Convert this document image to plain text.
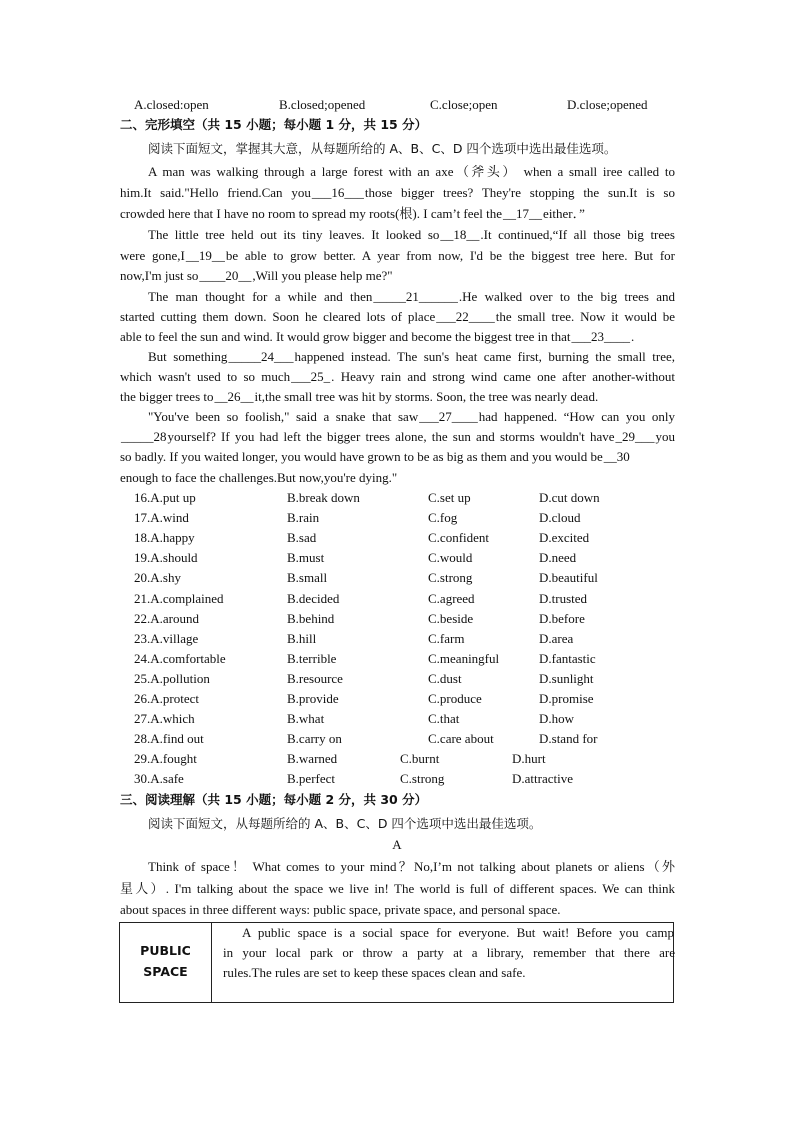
A.closed:open	B.closed;opened	C.close;open	D.close;opened
二、完形填空（共 15 小题；每小题 1 分，共 15 分）
阅读下面短文，掌握其大意，从每题所给的 A、B、C、D 四个选项中选出最佳选项。
A man was walking through a large forest with an axe（斧头） when a small iree called to
him.It said."Hello friend.Can you___16___those bigger trees? They're stopping the sun.It is so
crowded here that I have no room to spread my roots(根). I cam’t feel the__17__either．”
The little tree held out its tiny leaves. It looked so__18__.It continued,“If all those big trees
were gone,I__19__be able to grow better. A year from now, I'd be the biggest tree here. But for
now,I'm just so____20__,Will you please help me?"
The man thought for a while and then_____21______.He walked over to the big trees and
started cutting them down. Soon he cleared lots of place___22____the small tree. Now it would be
able to feel the sun and wind. It would grow bigger and become the biggest tree in that___23____.
But something_____24___happened instead. The sun's heat came first, burning the small tree,
which wasn't used to so much___25_. Heavy rain and strong wind came one after another-without
the bigger trees to__26__it,the small tree was hit by storms. Soon, the tree was nearly dead.
"You've been so foolish," said a snake that saw___27____had happened. “How can you only
_____28yourself? If you had left the bigger trees alone, the sun and storms wouldn't have_29___you
so badly. If you waited longer, you would have grown to be as big as them and you would be__30
enough to face the challenges.But now,you're dying."
16.A.put up	B.break down	C.set up	D.cut down
17.A.wind	B.rain	C.fog	D.cloud
18.A.happy	B.sad	C.confident	D.excited
19.A.should	B.must	C.would	D.need
20.A.shy	B.small	C.strong	D.beautiful
21.A.complained	B.decided	C.agreed	D.trusted
22.A.around	B.behind	C.beside	D.before
23.A.village	B.hill	C.farm	D.area
24.A.comfortable	B.terrible	C.meaningful	D.fantastic
25.A.pollution	B.resource	C.dust	D.sunlight
26.A.protect	B.provide	C.produce	D.promise
27.A.which	B.what	C.that	D.how
28.A.find out	B.carry on	C.care about	D.stand for
29.A.fought	B.warned	C.burnt	D.hurt
30.A.safe	B.perfect	C.strong	D.attractive
三、阅读理解（共 15 小题；每小题 2 分，共 30 分）
阅读下面短文，从每题所给的 A、B、C、D 四个选项中选出最佳选项。
A
Think of space！ What comes to your mind？No,I’m not talking about planets or aliens（外
星人）. I'm talking about the space we live in! The world is full of different spaces. We can think
about spaces in three different ways: public space, private space, and personal space.
PUBLIC
SPACE
A public space is a social space for everyone. But wait! Before you camp
in your local park or throw a party at a library, remember that there are
rules.The rules are set to keep these spaces clean and safe.
